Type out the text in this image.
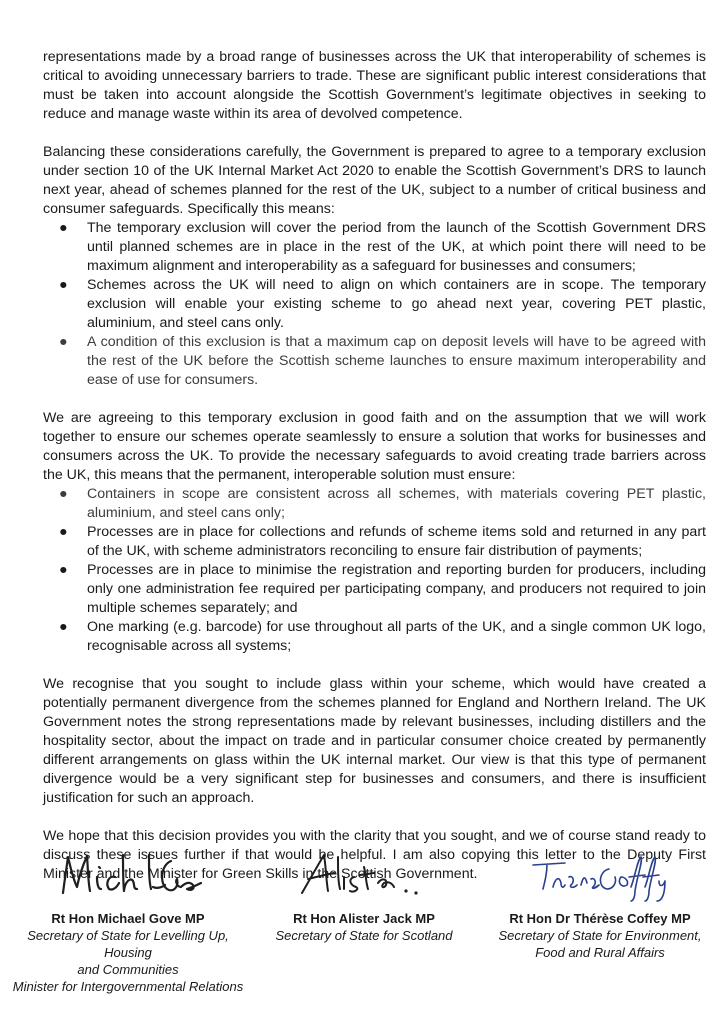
representations made by a broad range of businesses across the UK that interoperability of schemes is critical to avoiding unnecessary barriers to trade. These are significant public interest considerations that must be taken into account alongside the Scottish Government’s legitimate objectives in seeking to reduce and manage waste within its area of devolved competence.

Balancing these considerations carefully, the Government is prepared to agree to a temporary exclusion under section 10 of the UK Internal Market Act 2020 to enable the Scottish Government’s DRS to launch next year, ahead of schemes planned for the rest of the UK, subject to a number of critical business and consumer safeguards. Specifically this means:

● The temporary exclusion will cover the period from the launch of the Scottish Government DRS until planned schemes are in place in the rest of the UK, at which point there will need to be maximum alignment and interoperability as a safeguard for businesses and consumers;
● Schemes across the UK will need to align on which containers are in scope. The temporary exclusion will enable your existing scheme to go ahead next year, covering PET plastic, aluminium, and steel cans only.
● A condition of this exclusion is that a maximum cap on deposit levels will have to be agreed with the rest of the UK before the Scottish scheme launches to ensure maximum interoperability and ease of use for consumers.

We are agreeing to this temporary exclusion in good faith and on the assumption that we will work together to ensure our schemes operate seamlessly to ensure a solution that works for businesses and consumers across the UK. To provide the necessary safeguards to avoid creating trade barriers across the UK, this means that the permanent, interoperable solution must ensure:

● Containers in scope are consistent across all schemes, with materials covering PET plastic, aluminium, and steel cans only;
● Processes are in place for collections and refunds of scheme items sold and returned in any part of the UK, with scheme administrators reconciling to ensure fair distribution of payments;
● Processes are in place to minimise the registration and reporting burden for producers, including only one administration fee required per participating company, and producers not required to join multiple schemes separately; and
● One marking (e.g. barcode) for use throughout all parts of the UK, and a single common UK logo, recognisable across all systems;

We recognise that you sought to include glass within your scheme, which would have created a potentially permanent divergence from the schemes planned for England and Northern Ireland. The UK Government notes the strong representations made by relevant businesses, including distillers and the hospitality sector, about the impact on trade and in particular consumer choice created by permanently different arrangements on glass within the UK internal market. Our view is that this type of permanent divergence would be a very significant step for businesses and consumers, and there is insufficient justification for such an approach.

We hope that this decision provides you with the clarity that you sought, and we of course stand ready to discuss these issues further if that would be helpful. I am also copying this letter to the Deputy First Minister and the Minister for Green Skills in the Scottish Government.

Rt Hon Michael Gove MP
Secretary of State for Levelling Up, Housing
and Communities
Minister for Intergovernmental Relations
Rt Hon Alister Jack MP
Secretary of State for Scotland
Rt Hon Dr Thérèse Coffey MP
Secretary of State for Environment,
Food and Rural Affairs
